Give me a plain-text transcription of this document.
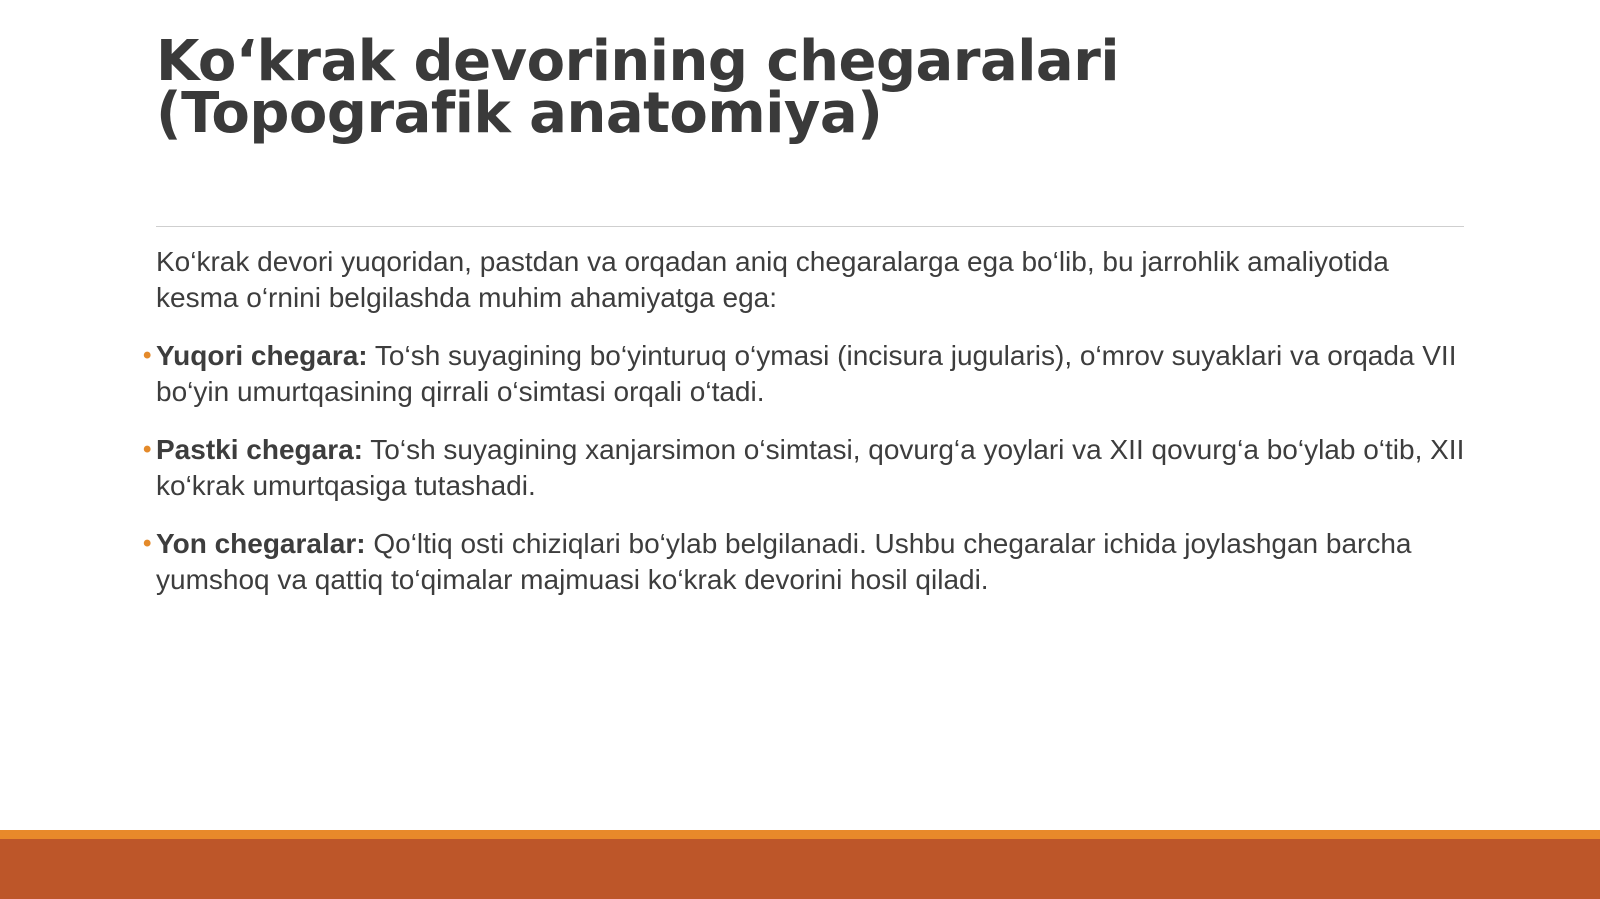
Ko‘krak devorining chegaralari (Topografik anatomiya)

Ko‘krak devori yuqoridan, pastdan va orqadan aniq chegaralarga ega bo‘lib, bu jarrohlik amaliyotida kesma o‘rnini belgilashda muhim ahamiyatga ega:

• Yuqori chegara: To‘sh suyagining bo‘yinturuq o‘ymasi (incisura jugularis), o‘mrov suyaklari va orqada VII bo‘yin umurtqasining qirrali o‘simtasi orqali o‘tadi.

• Pastki chegara: To‘sh suyagining xanjarsimon o‘simtasi, qovurg‘a yoylari va XII qovurg‘a bo‘ylab o‘tib, XII ko‘krak umurtqasiga tutashadi.

• Yon chegaralar: Qo‘ltiq osti chiziqlari bo‘ylab belgilanadi. Ushbu chegaralar ichida joylashgan barcha yumshoq va qattiq to‘qimalar majmuasi ko‘krak devorini hosil qiladi.
